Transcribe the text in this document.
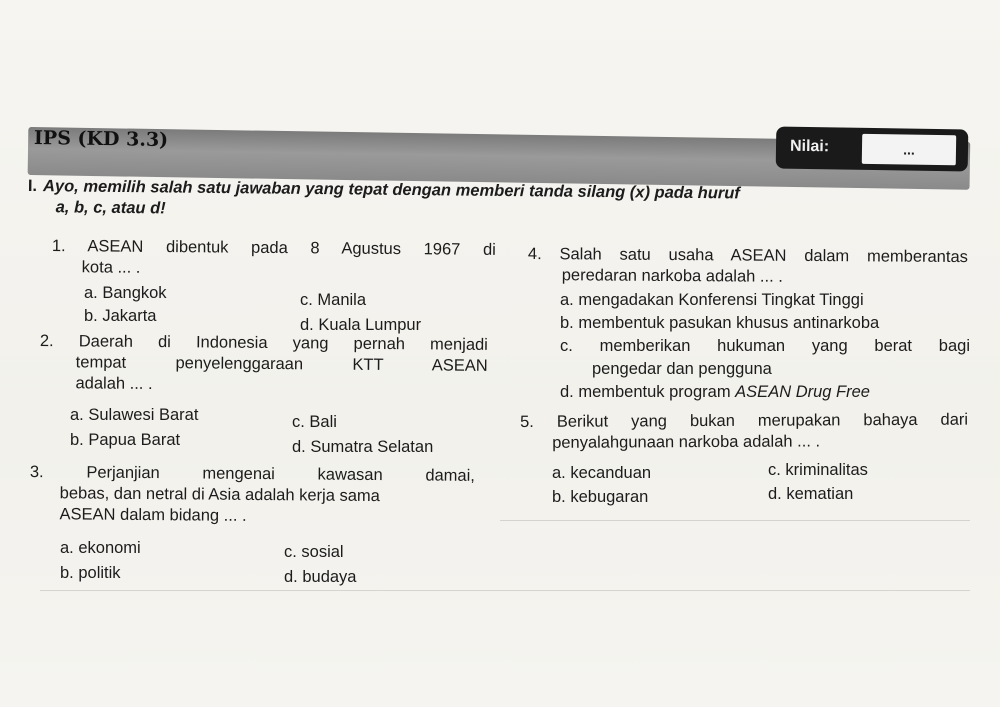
IPS (KD 3.3)	Nilai:	...
I. Ayo, memilih salah satu jawaban yang tepat dengan memberi tanda silang (x) pada huruf
a, b, c, atau d!
1. ASEAN dibentuk pada 8 Agustus 1967 di
kota ... .
a. Bangkok
b. Jakarta
c. Manila
d. Kuala Lumpur
2. Daerah di Indonesia yang pernah menjadi
tempat penyelenggaraan KTT ASEAN
adalah ... .
a. Sulawesi Barat
b. Papua Barat
c. Bali
d. Sumatra Selatan
3. Perjanjian mengenai kawasan damai,
bebas, dan netral di Asia adalah kerja sama
ASEAN dalam bidang ... .
a. ekonomi
b. politik
c. sosial
d. budaya
4. Salah satu usaha ASEAN dalam memberantas
peredaran narkoba adalah ... .
a. mengadakan Konferensi Tingkat Tinggi
b. membentuk pasukan khusus antinarkoba
c. memberikan hukuman yang berat bagi
pengedar dan pengguna
d. membentuk program ASEAN Drug Free
5. Berikut yang bukan merupakan bahaya dari
penyalahgunaan narkoba adalah ... .
a. kecanduan
b. kebugaran
c. kriminalitas
d. kematian
